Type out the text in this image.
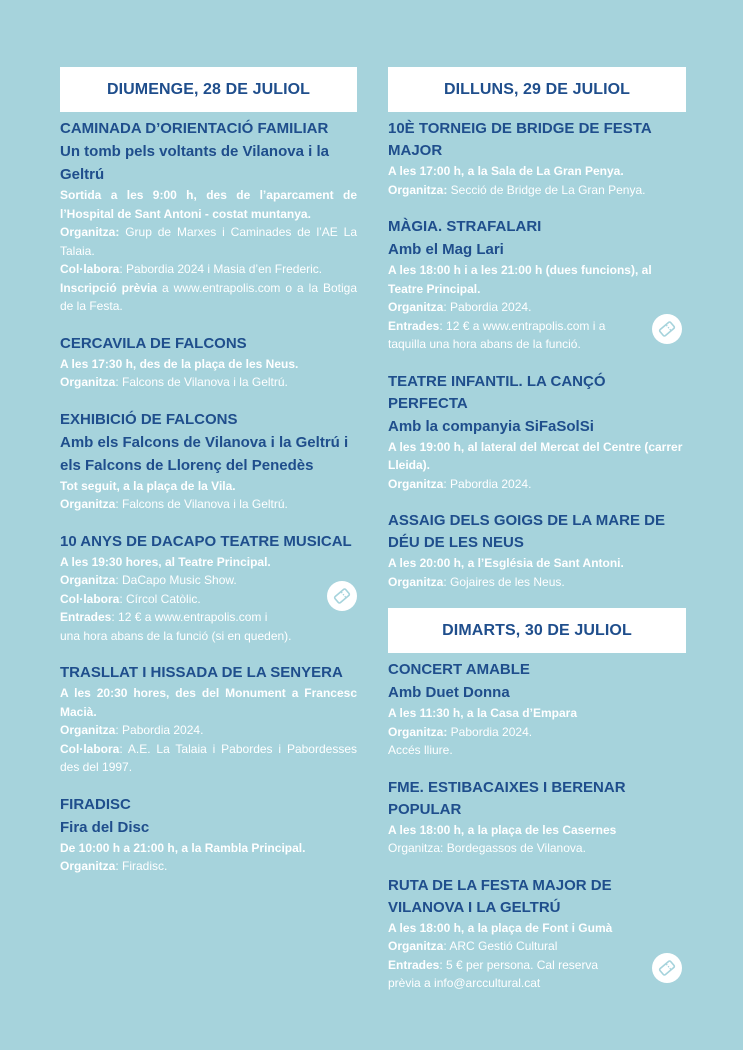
DIUMENGE, 28 DE JULIOL
CAMINADA D’ORIENTACIÓ FAMILIAR
Un tomb pels voltants de Vilanova i la Geltrú
Sortida a les 9:00 h, des de l’aparcament de l’Hospital de Sant Antoni - costat muntanya.
Organitza: Grup de Marxes i Caminades de l’AE La Talaia.
Col·labora: Pabordia 2024 i Masia d’en Frederic.
Inscripció prèvia a www.entrapolis.com o a la Botiga de la Festa.
CERCAVILA DE FALCONS
A les 17:30 h, des de la plaça de les Neus.
Organitza: Falcons de Vilanova i la Geltrú.
EXHIBICIÓ DE FALCONS
Amb els Falcons de Vilanova i la Geltrú i els Falcons de Llorenç del Penedès
Tot seguit, a la plaça de la Vila.
Organitza: Falcons de Vilanova i la Geltrú.
10 ANYS DE DACAPO TEATRE MUSICAL
A les 19:30 hores, al Teatre Principal.
Organitza: DaCapo Music Show.
Col·labora: Círcol Catòlic.
Entrades: 12 € a www.entrapolis.com i
una hora abans de la funció (si en queden).
TRASLLAT I HISSADA DE LA SENYERA
A les 20:30 hores, des del Monument a Francesc Macià.
Organitza: Pabordia 2024.
Col·labora: A.E. La Talaia i Pabordes i Pabordesses des del 1997.
FIRADISC
Fira del Disc
De 10:00 h a 21:00 h, a la Rambla Principal.
Organitza: Firadisc.
DILLUNS, 29 DE JULIOL
10È TORNEIG DE BRIDGE DE FESTA MAJOR
A les 17:00 h, a la Sala de La Gran Penya.
Organitza: Secció de Bridge de La Gran Penya.
MÀGIA. STRAFALARI
Amb el Mag Lari
A les 18:00 h i a les 21:00 h (dues funcions), al Teatre Principal.
Organitza: Pabordia 2024.
Entrades: 12 € a www.entrapolis.com i a
taquilla una hora abans de la funció.
TEATRE INFANTIL. LA CANÇÓ PERFECTA
Amb la companyia SiFaSolSi
A les 19:00 h, al lateral del Mercat del Centre (carrer Lleida).
Organitza: Pabordia 2024.
ASSAIG DELS GOIGS DE LA MARE DE DÉU DE LES NEUS
A les 20:00 h, a l’Església de Sant Antoni.
Organitza: Gojaires de les Neus.
DIMARTS, 30 DE JULIOL
CONCERT AMABLE
Amb Duet Donna
A les 11:30 h, a la Casa d’Empara
Organitza: Pabordia 2024.
Accés lliure.
FME. ESTIBACAIXES I BERENAR POPULAR
A les 18:00 h, a la plaça de les Casernes
Organitza: Bordegassos de Vilanova.
RUTA DE LA FESTA MAJOR DE VILANOVA I LA GELTRÚ
A les 18:00 h, a la plaça de Font i Gumà
Organitza: ARC Gestió Cultural
Entrades: 5 € per persona. Cal reserva
prèvia a info@arccultural.cat
